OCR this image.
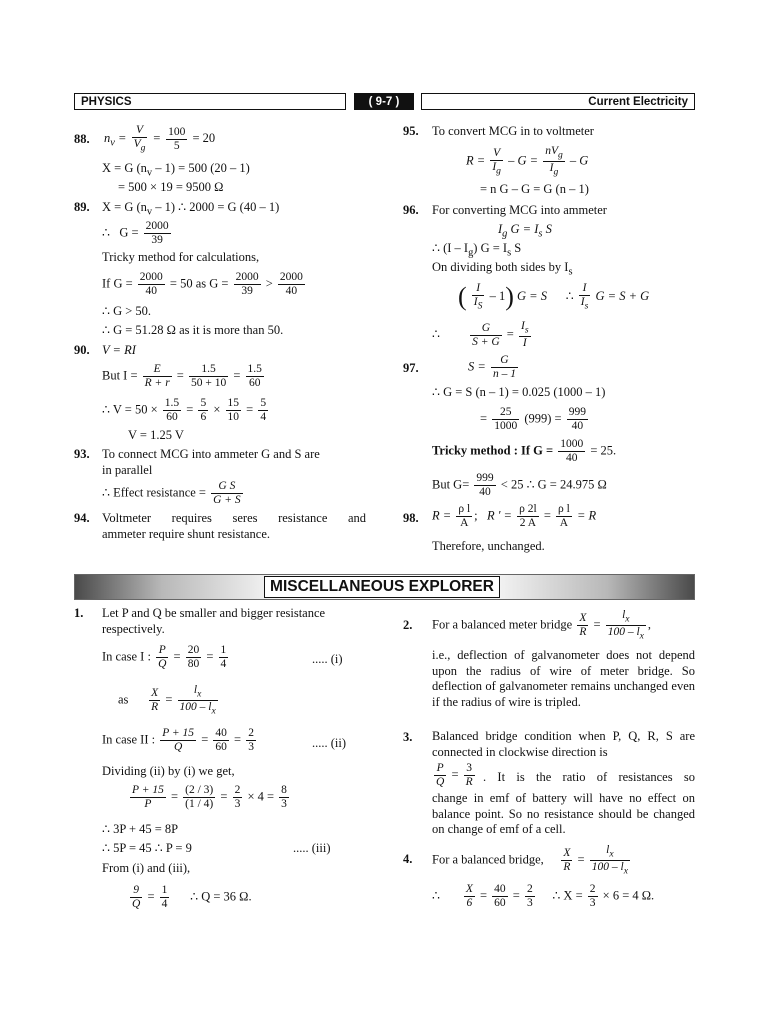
PHYSICS	( 9-7 )	Current Electricity
88. $n_v = \frac{V}{V_g} = \frac{100}{5} = 20$
X = G $(n_v - 1) = 500$ (20 – 1)
= 500 × 19 = 9500 Ω
89. X = G $(n_v - 1)$ ∴ 2000 = G (40 – 1)
∴ $G = \frac{2000}{39}$
Tricky method for calculations,
If $G = \frac{2000}{40} = 50$ as $G = \frac{2000}{39} > \frac{2000}{40}$
∴ G > 50.
∴ G = 51.28 Ω as it is more than 50.
90. V = RI
But $I = \frac{E}{R + r} = \frac{1.5}{50 + 10} = \frac{1.5}{60}$
∴ $V = 50 \times \frac{1.5}{60} = \frac{5}{6} \times \frac{15}{10} = \frac{5}{4}$
V = 1.25 V
93. To connect MCG into ammeter G and S are
in parallel
∴ Effect resistance = $\frac{\text{G S}}{G + S}$
94. Voltmeter requires seres resistance and
ammeter require shunt resistance.
95. To convert MCG in to voltmeter
$R = \frac{V}{I_g} - G = \frac{nV_g}{I_g} - G$
= n G – G = G (n – 1)
96. For converting MCG into ammeter
$I_g$ $G = I_s$ S
∴ $(I - I_g)$ $G = I_s$ S
On dividing both sides by $I_s$
( $\frac{I}{I_S} - 1$) G = S ∴ $\frac{I}{I_s}$ G = S + G
∴	$\frac{G}{S + G} = \frac{I_s}{I}$
97.	$S = \frac{G}{n - 1}$
∴ G = S (n – 1) = 0.025 (1000 – 1)
= $\frac{25}{1000} (999) = \frac{999}{40}$
Tricky method : If $G = \frac{1000}{40} = 25$.
But $G= \frac{999}{40} < 25$ ∴ G = 24.975 Ω
98. $R = \frac{\text{ρ l}}{A}$ ; R ' = $\frac{\rho 2l}{2 A} = \frac{\text{ρ l}}{A} = R$
Therefore, unchanged.
MISCELLANEOUS EXPLORER
1. Let P and Q be smaller and bigger resistance
respectively.
In case I : $\frac{P}{Q} = \frac{20}{80} = \frac{1}{4}$	..... (i)
as $\frac{X}{R} = \frac{l_x}{100 - l_x}$
In case II : $\frac{P + 15}{Q} = \frac{40}{60} = \frac{2}{3}$	..... (ii)
Dividing (ii) by (i) we get,
$\frac{P + 15}{P} = \frac{(2 / 3)}{(1 / 4)} = \frac{2}{3} \times 4 = \frac{8}{3}$
∴ 3P + 45 = 8P
∴ 5P = 45 ∴ P = 9	..... (iii)
From (i) and (iii),
$\frac{9}{Q} = \frac{1}{4}$ ∴ Q = 36 Ω.
2. For a balanced meter bridge $\frac{X}{R} = \frac{l_x}{100 - l_x}$ ,
i.e., deflection of galvanometer does not depend upon the radius of wire of meter bridge. So deflection of galvanometer remains unchanged even if the radius of wire is tripled.
3. Balanced bridge condition when P, Q, R, S are connected in clockwise direction is
$\frac{P}{Q} = \frac{3}{R}$ . It is the ratio of resistances so
change in emf of battery will have no effect on balance point. So no resistance should be changed on change of emf of a cell.
4. For a balanced bridge, $\frac{X}{R} = \frac{l_x}{100 - l_x}$
∴ $\frac{X}{6} = \frac{40}{60} = \frac{2}{3}$ ∴ $X = \frac{2}{3} \times 6 = 4$ Ω.
